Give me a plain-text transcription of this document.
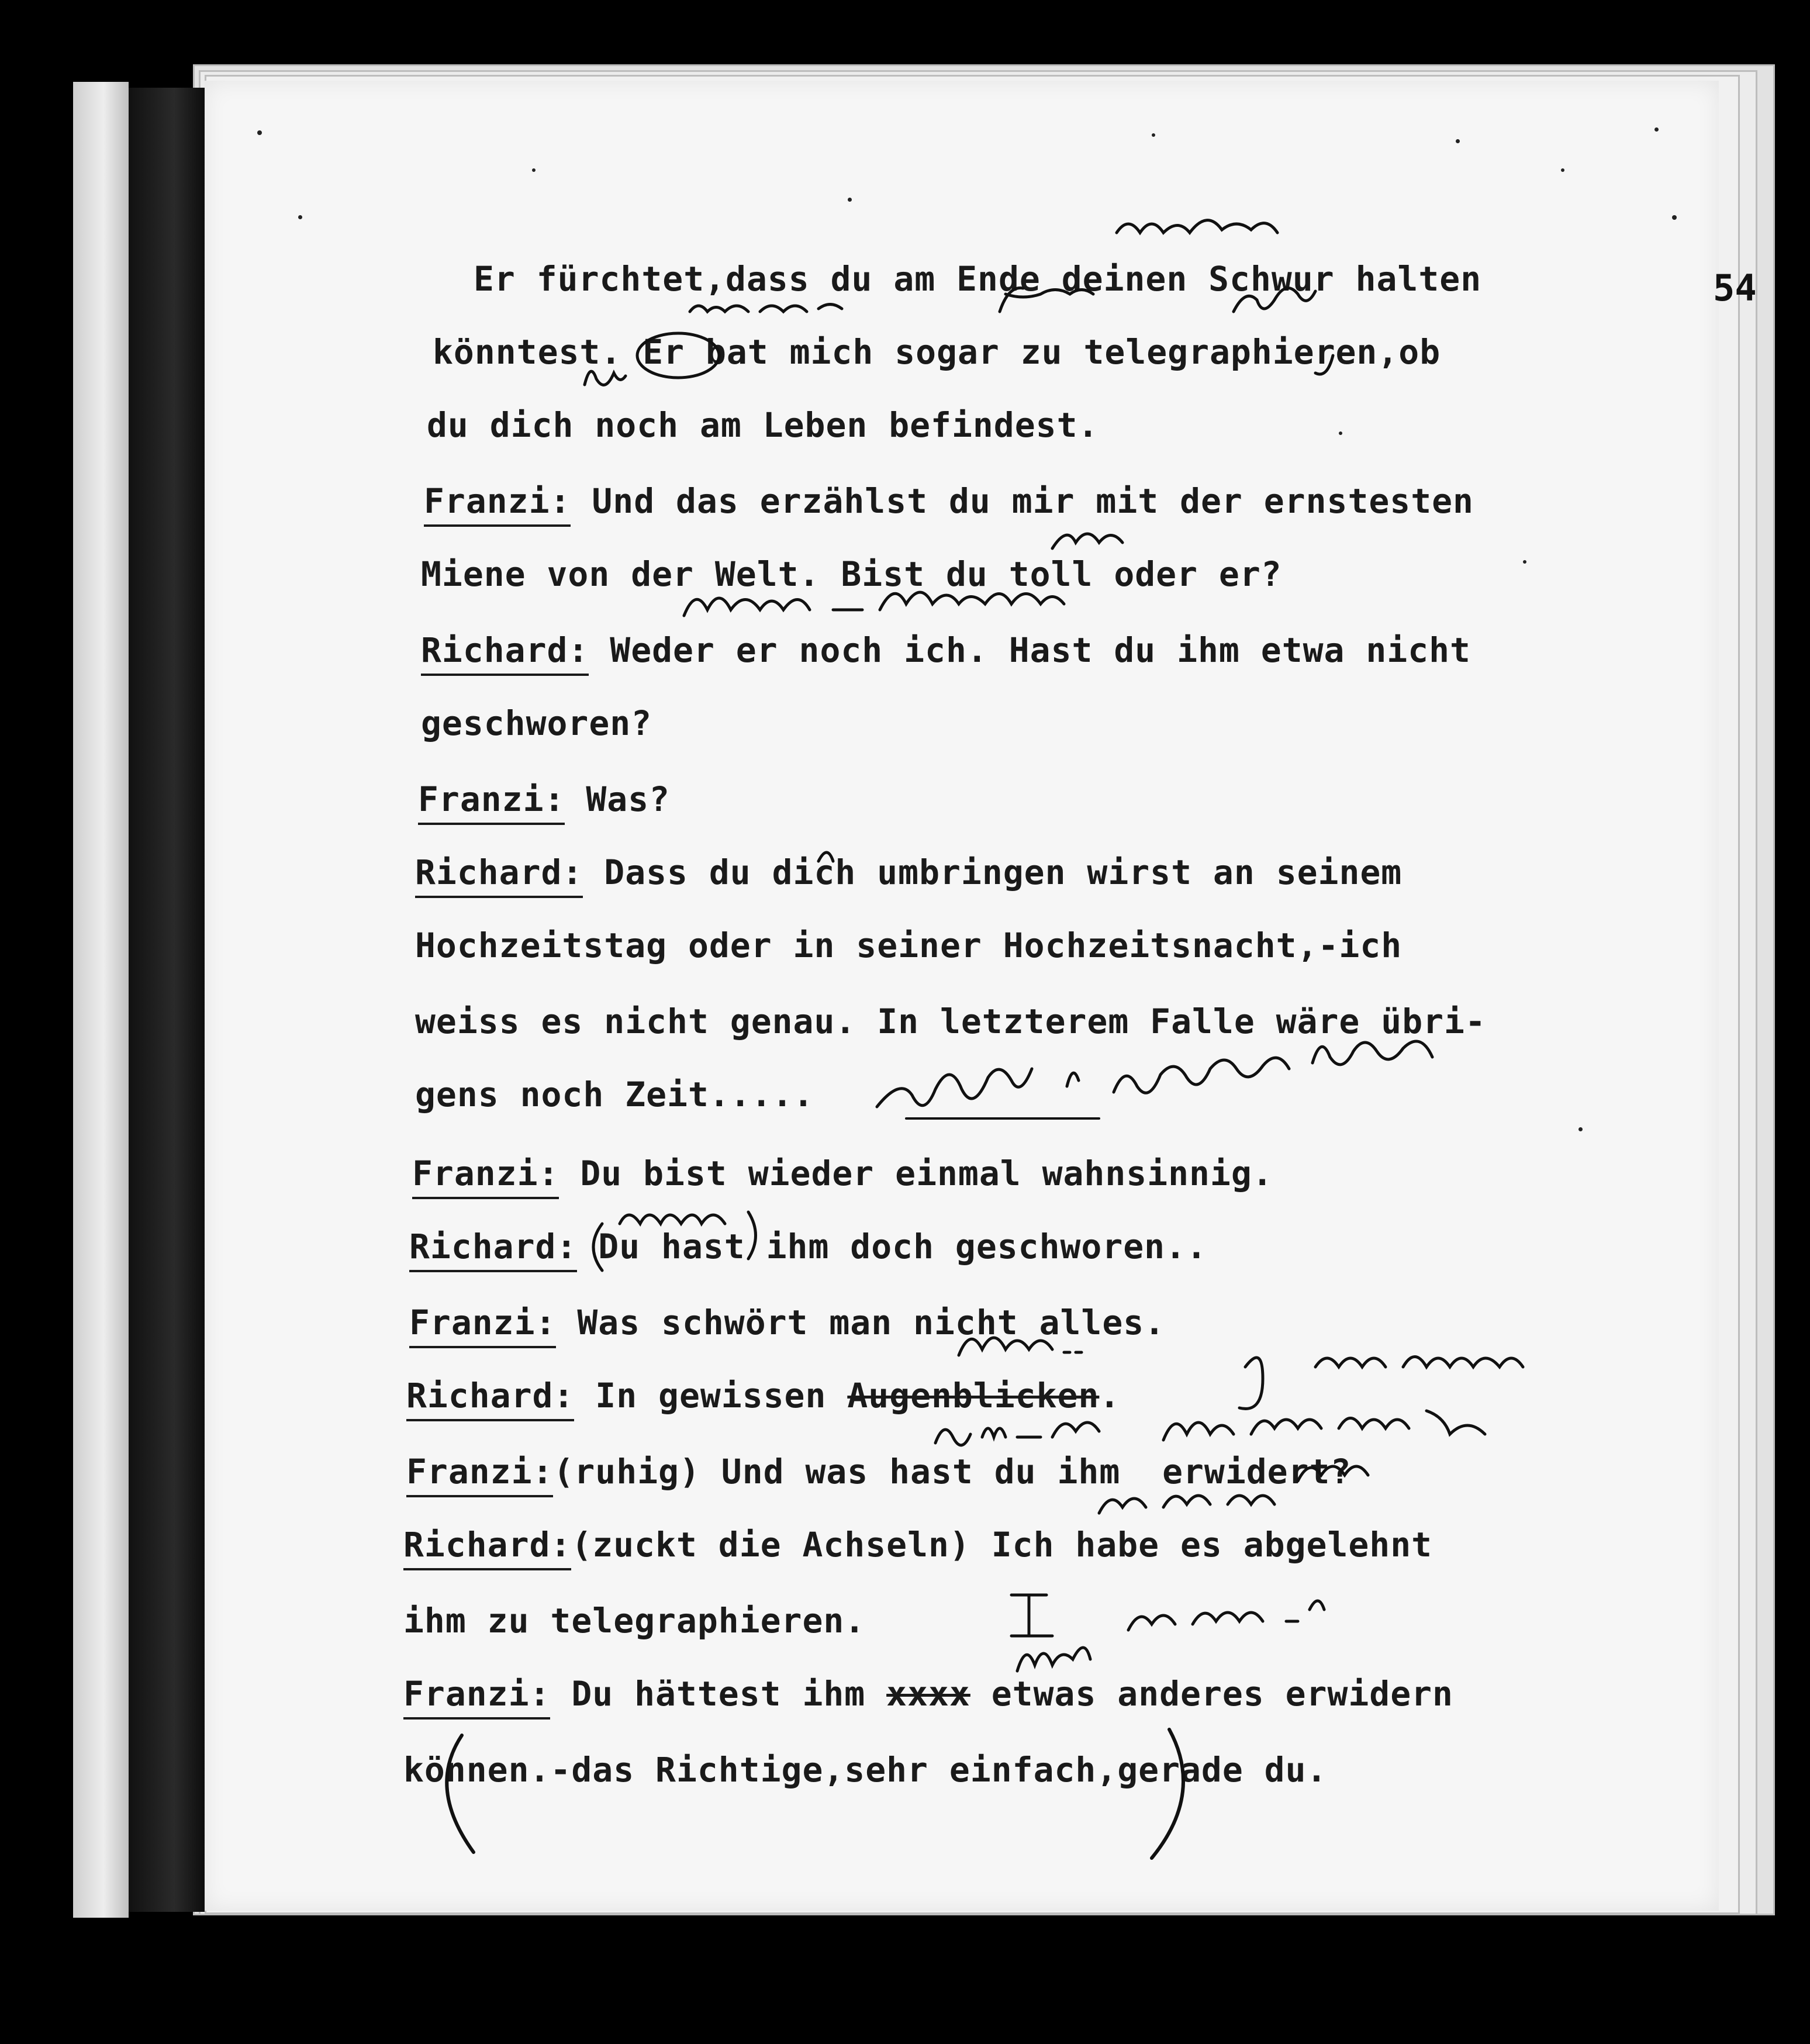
54
Er fürchtet,dass du am Ende deinen Schwur halten
könntest. Er bat mich sogar zu telegraphieren,ob
du dich noch am Leben befindest.
Franzi: Und das erzählst du mir mit der ernstesten
Miene von der Welt. Bist du toll oder er?
Richard: Weder er noch ich. Hast du ihm etwa nicht
geschworen?
Franzi: Was?
Richard: Dass du dich umbringen wirst an seinem
Hochzeitstag oder in seiner Hochzeitsnacht,-ich
weiss es nicht genau. In letzterem Falle wäre übri-
gens noch Zeit.....
Franzi: Du bist wieder einmal wahnsinnig.
Richard: Du hast ihm doch geschworen..
Franzi: Was schwört man nicht alles.
Richard: In gewissen Augenblicken.
Franzi:(ruhig) Und was hast du ihm  erwidert?
Richard:(zuckt die Achseln) Ich habe es abgelehnt
ihm zu telegraphieren.
Franzi: Du hättest ihm xxxx etwas anderes erwidern
können.-das Richtige,sehr einfach,gerade du.
